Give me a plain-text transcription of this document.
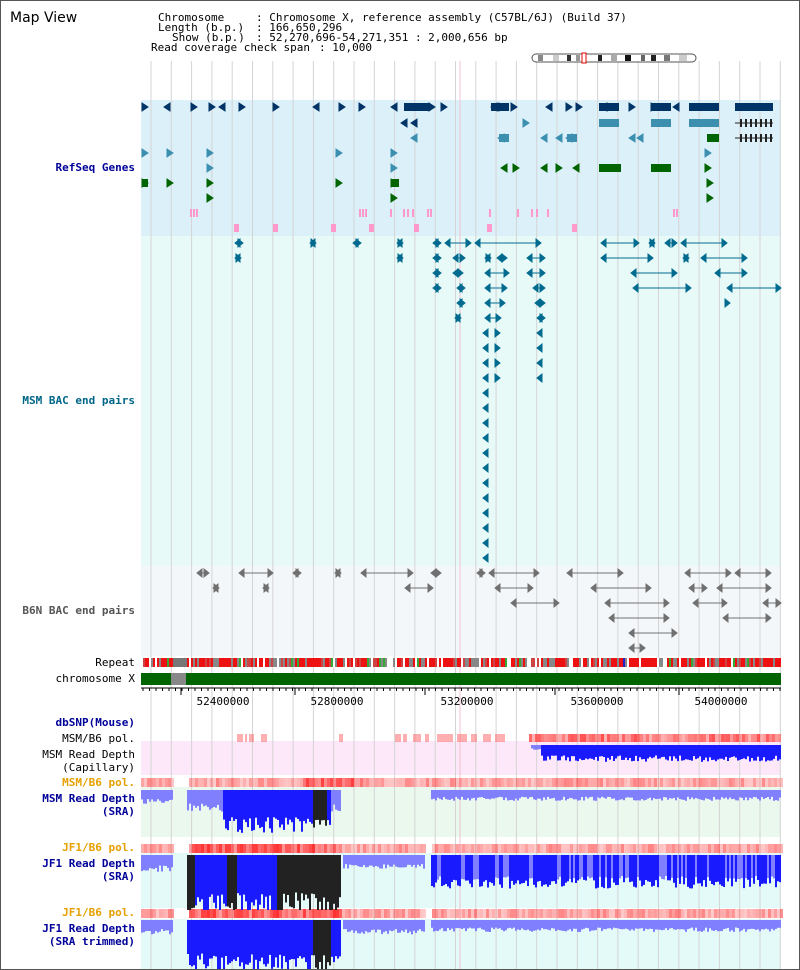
52400000	52800000	53200000	53600000	54000000
Map View	Chromosome	: Chromosome X, reference assembly (C57BL/6J) (Build 37)
Length (b.p.) : 166,650,296
Show (b.p.) : 52,270,696-54,271,351 : 2,000,656 bp
Read coverage check span : 10,000
RefSeq Genes
MSM BAC end pairs
B6N BAC end pairs
Repeat
chromosome X
dbSNP(Mouse)
MSM/B6 pol.
MSM Read Depth
(Capillary)
MSM/B6 pol.
MSM Read Depth
(SRA)
JF1/B6 pol.
JF1 Read Depth
(SRA)
JF1/B6 pol.
JF1 Read Depth
(SRA trimmed)
